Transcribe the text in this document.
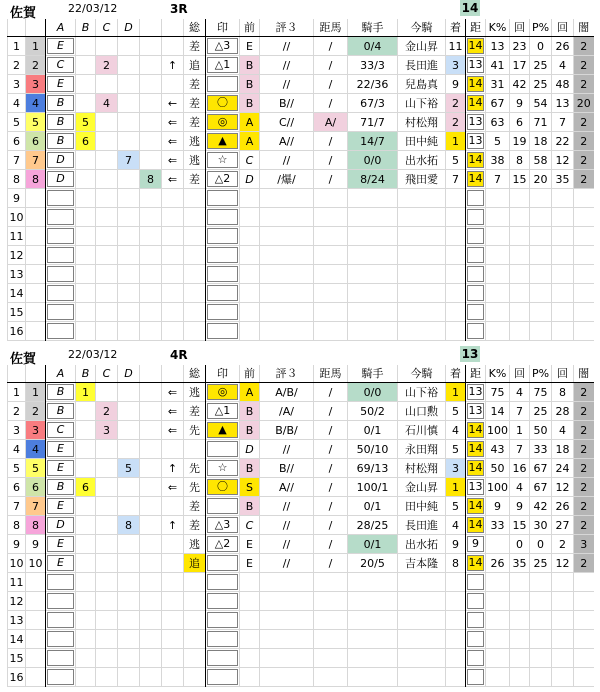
佐賀	22/03/12	3R	14
		A	B	C	D			総	印	前	評３	距馬	騎手	今騎	着	距	K%	回	P%	回	闇
1	1	E						差	△3	E	//	/	0/4	金山昇	11	14	13	23	0	26	2
2	2	C		2			↑	追	△1	B	//	/	33/3	長田進	3	13	41	17	25	4	2
3	3	E						差		B	//	/	22/36	兒島真	9	14	31	42	25	48	2
4	4	B		4			←	差	〇	B	B//	/	67/3	山下裕	2	14	67	9	54	13	20
5	5	B	5				⇐	差	◎	A	C//	A/	71/7	村松翔	2	13	63	6	71	7	2
6	6	B	6				⇐	逃	▲	A	A//	/	14/7	田中純	1	13	5	19	18	22	2
7	7	D			7		⇐	逃	☆	C	//	/	0/0	出水拓	5	14	38	8	58	12	2
8	8	D				8	⇐	差	△2	D	/爆/	/	8/24	飛田愛	7	14	7	15	20	35	2
9		

10		

11		

12		

13		

14		

15		

16		

佐賀	22/03/12	4R	13
		A	B	C	D			総	印	前	評３	距馬	騎手	今騎	着	距	K%	回	P%	回	闇
1	1	B	1				⇐	逃	◎	A	A/B/	/	0/0	山下裕	1	13	75	4	75	8	2
2	2	B		2			⇐	差	△1	B	/A/	/	50/2	山口勲	5	13	14	7	25	28	2
3	3	C		3			⇐	先	▲	B	B/B/	/	0/1	石川慎	4	14	100	1	50	4	2
4	4	E								D	//	/	50/10	永田翔	5	14	43	7	33	18	2
5	5	E			5		↑	先	☆	B	B//	/	69/13	村松翔	3	14	50	16	67	24	2
6	6	B	6				⇐	先	〇	S	A//	/	100/1	金山昇	1	13	100	4	67	12	2
7	7	E						差		B	//	/	0/1	田中純	5	14	9	9	42	26	2
8	8	D			8		↑	差	△3	C	//	/	28/25	長田進	4	14	33	15	30	27	2
9	9	E						逃	△2	E	//	/	0/1	出水拓	9	9		0	0	2	3
10	10	E						追		E	//	/	20/5	吉本隆	8	14	26	35	25	12	2
11		

12		

13		

14		

15		

16		
